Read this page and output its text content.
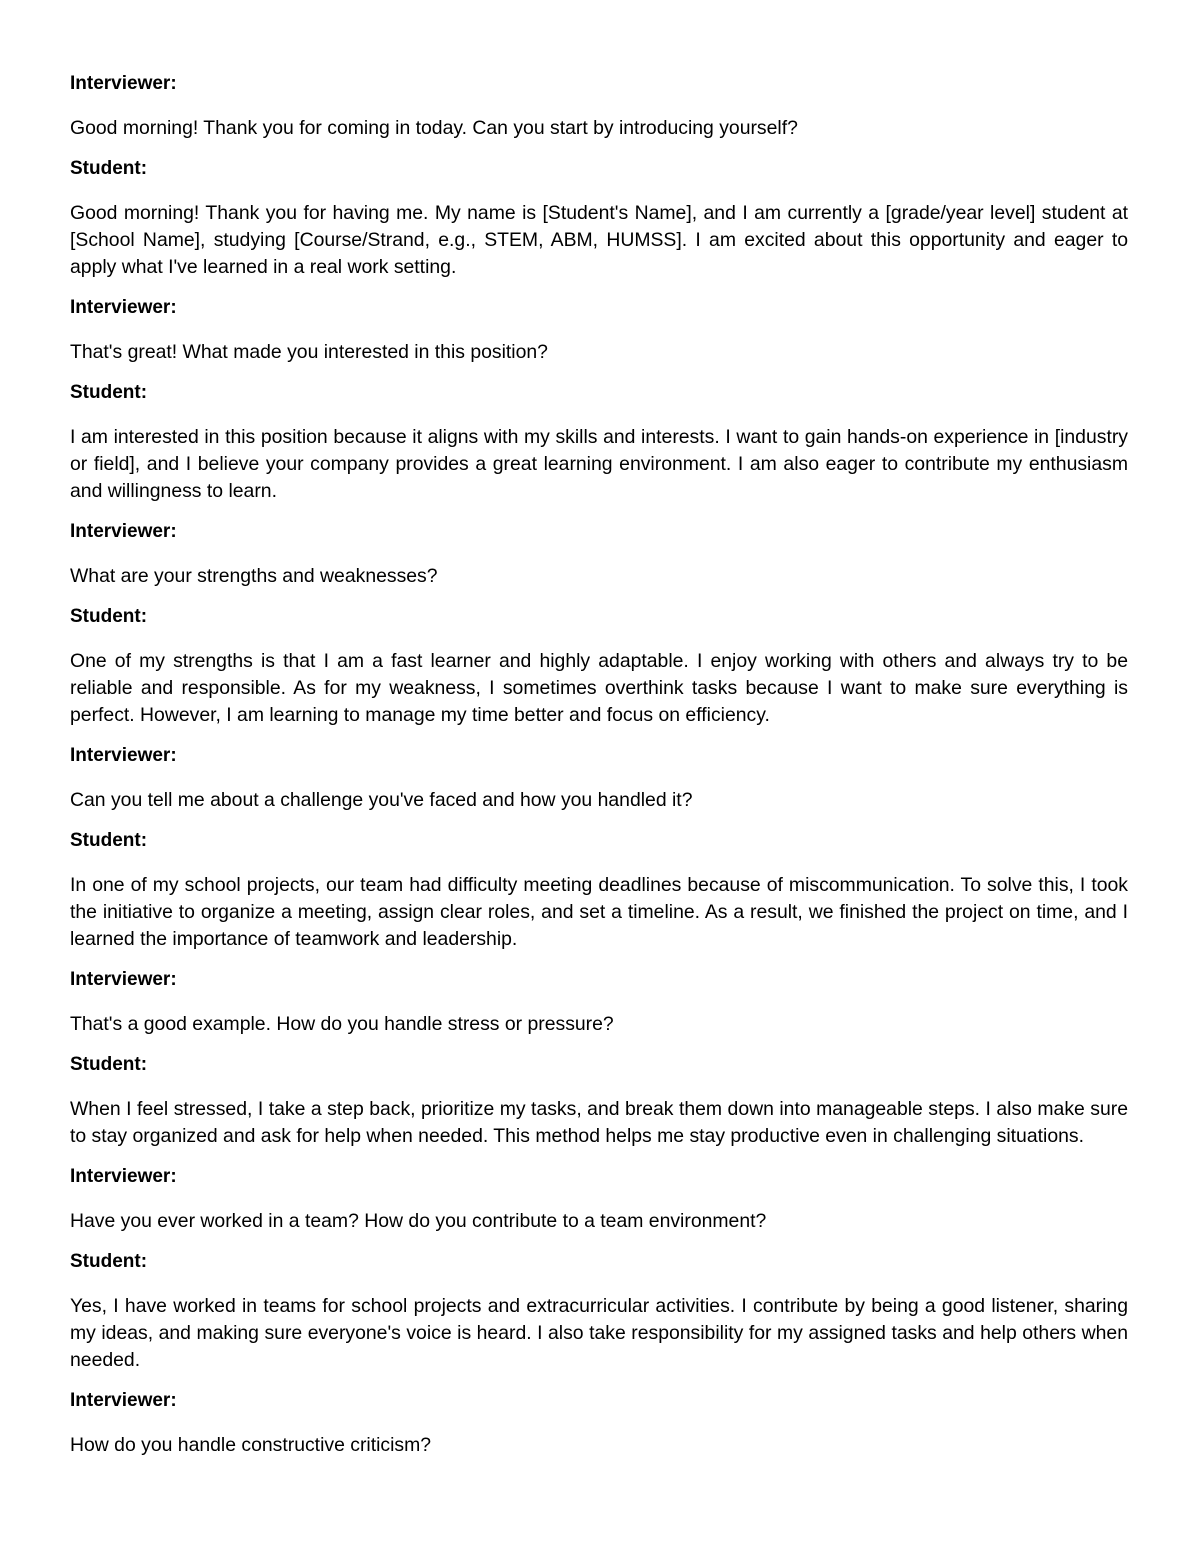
Interviewer:

Good morning! Thank you for coming in today. Can you start by introducing yourself?

Student:

Good morning! Thank you for having me. My name is [Student's Name], and I am currently a [grade/year level] student at [School Name], studying [Course/Strand, e.g., STEM, ABM, HUMSS]. I am excited about this opportunity and eager to apply what I've learned in a real work setting.

Interviewer:

That's great! What made you interested in this position?

Student:

I am interested in this position because it aligns with my skills and interests. I want to gain hands-on experience in [industry or field], and I believe your company provides a great learning environment. I am also eager to contribute my enthusiasm and willingness to learn.

Interviewer:

What are your strengths and weaknesses?

Student:

One of my strengths is that I am a fast learner and highly adaptable. I enjoy working with others and always try to be reliable and responsible. As for my weakness, I sometimes overthink tasks because I want to make sure everything is perfect. However, I am learning to manage my time better and focus on efficiency.

Interviewer:

Can you tell me about a challenge you've faced and how you handled it?

Student:

In one of my school projects, our team had difficulty meeting deadlines because of miscommunication. To solve this, I took the initiative to organize a meeting, assign clear roles, and set a timeline. As a result, we finished the project on time, and I learned the importance of teamwork and leadership.

Interviewer:

That's a good example. How do you handle stress or pressure?

Student:

When I feel stressed, I take a step back, prioritize my tasks, and break them down into manageable steps. I also make sure to stay organized and ask for help when needed. This method helps me stay productive even in challenging situations.

Interviewer:

Have you ever worked in a team? How do you contribute to a team environment?

Student:

Yes, I have worked in teams for school projects and extracurricular activities. I contribute by being a good listener, sharing my ideas, and making sure everyone's voice is heard. I also take responsibility for my assigned tasks and help others when needed.

Interviewer:

How do you handle constructive criticism?
